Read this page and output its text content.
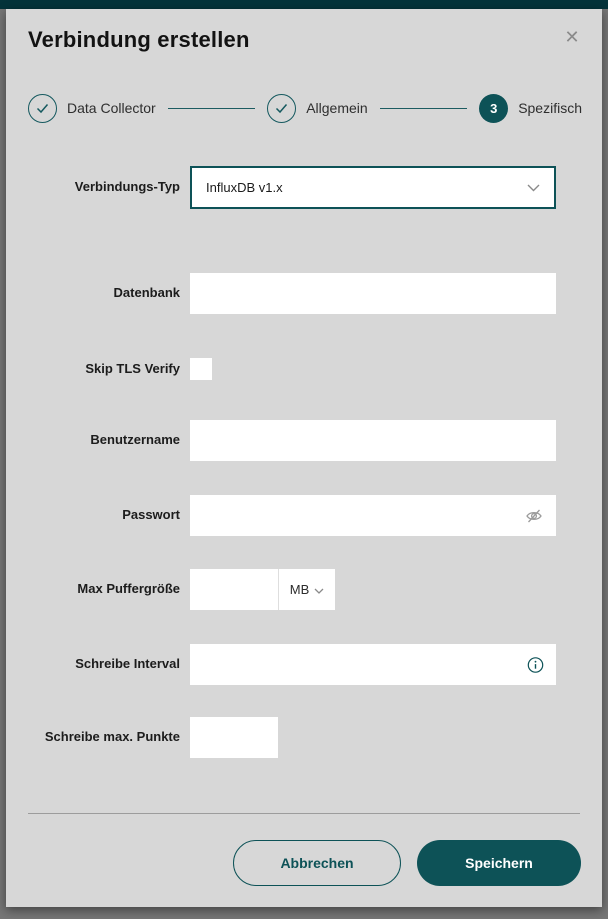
Verbindung erstellen	✕
Data Collector	Allgemein	3	Spezifisch
Verbindungs-Typ InfluxDB v1.x
Datenbank
Skip TLS Verify
Benutzername
Passwort
Max Puffergröße	MB
Schreibe Interval
Schreibe max. Punkte
Abbrechen	Speichern
